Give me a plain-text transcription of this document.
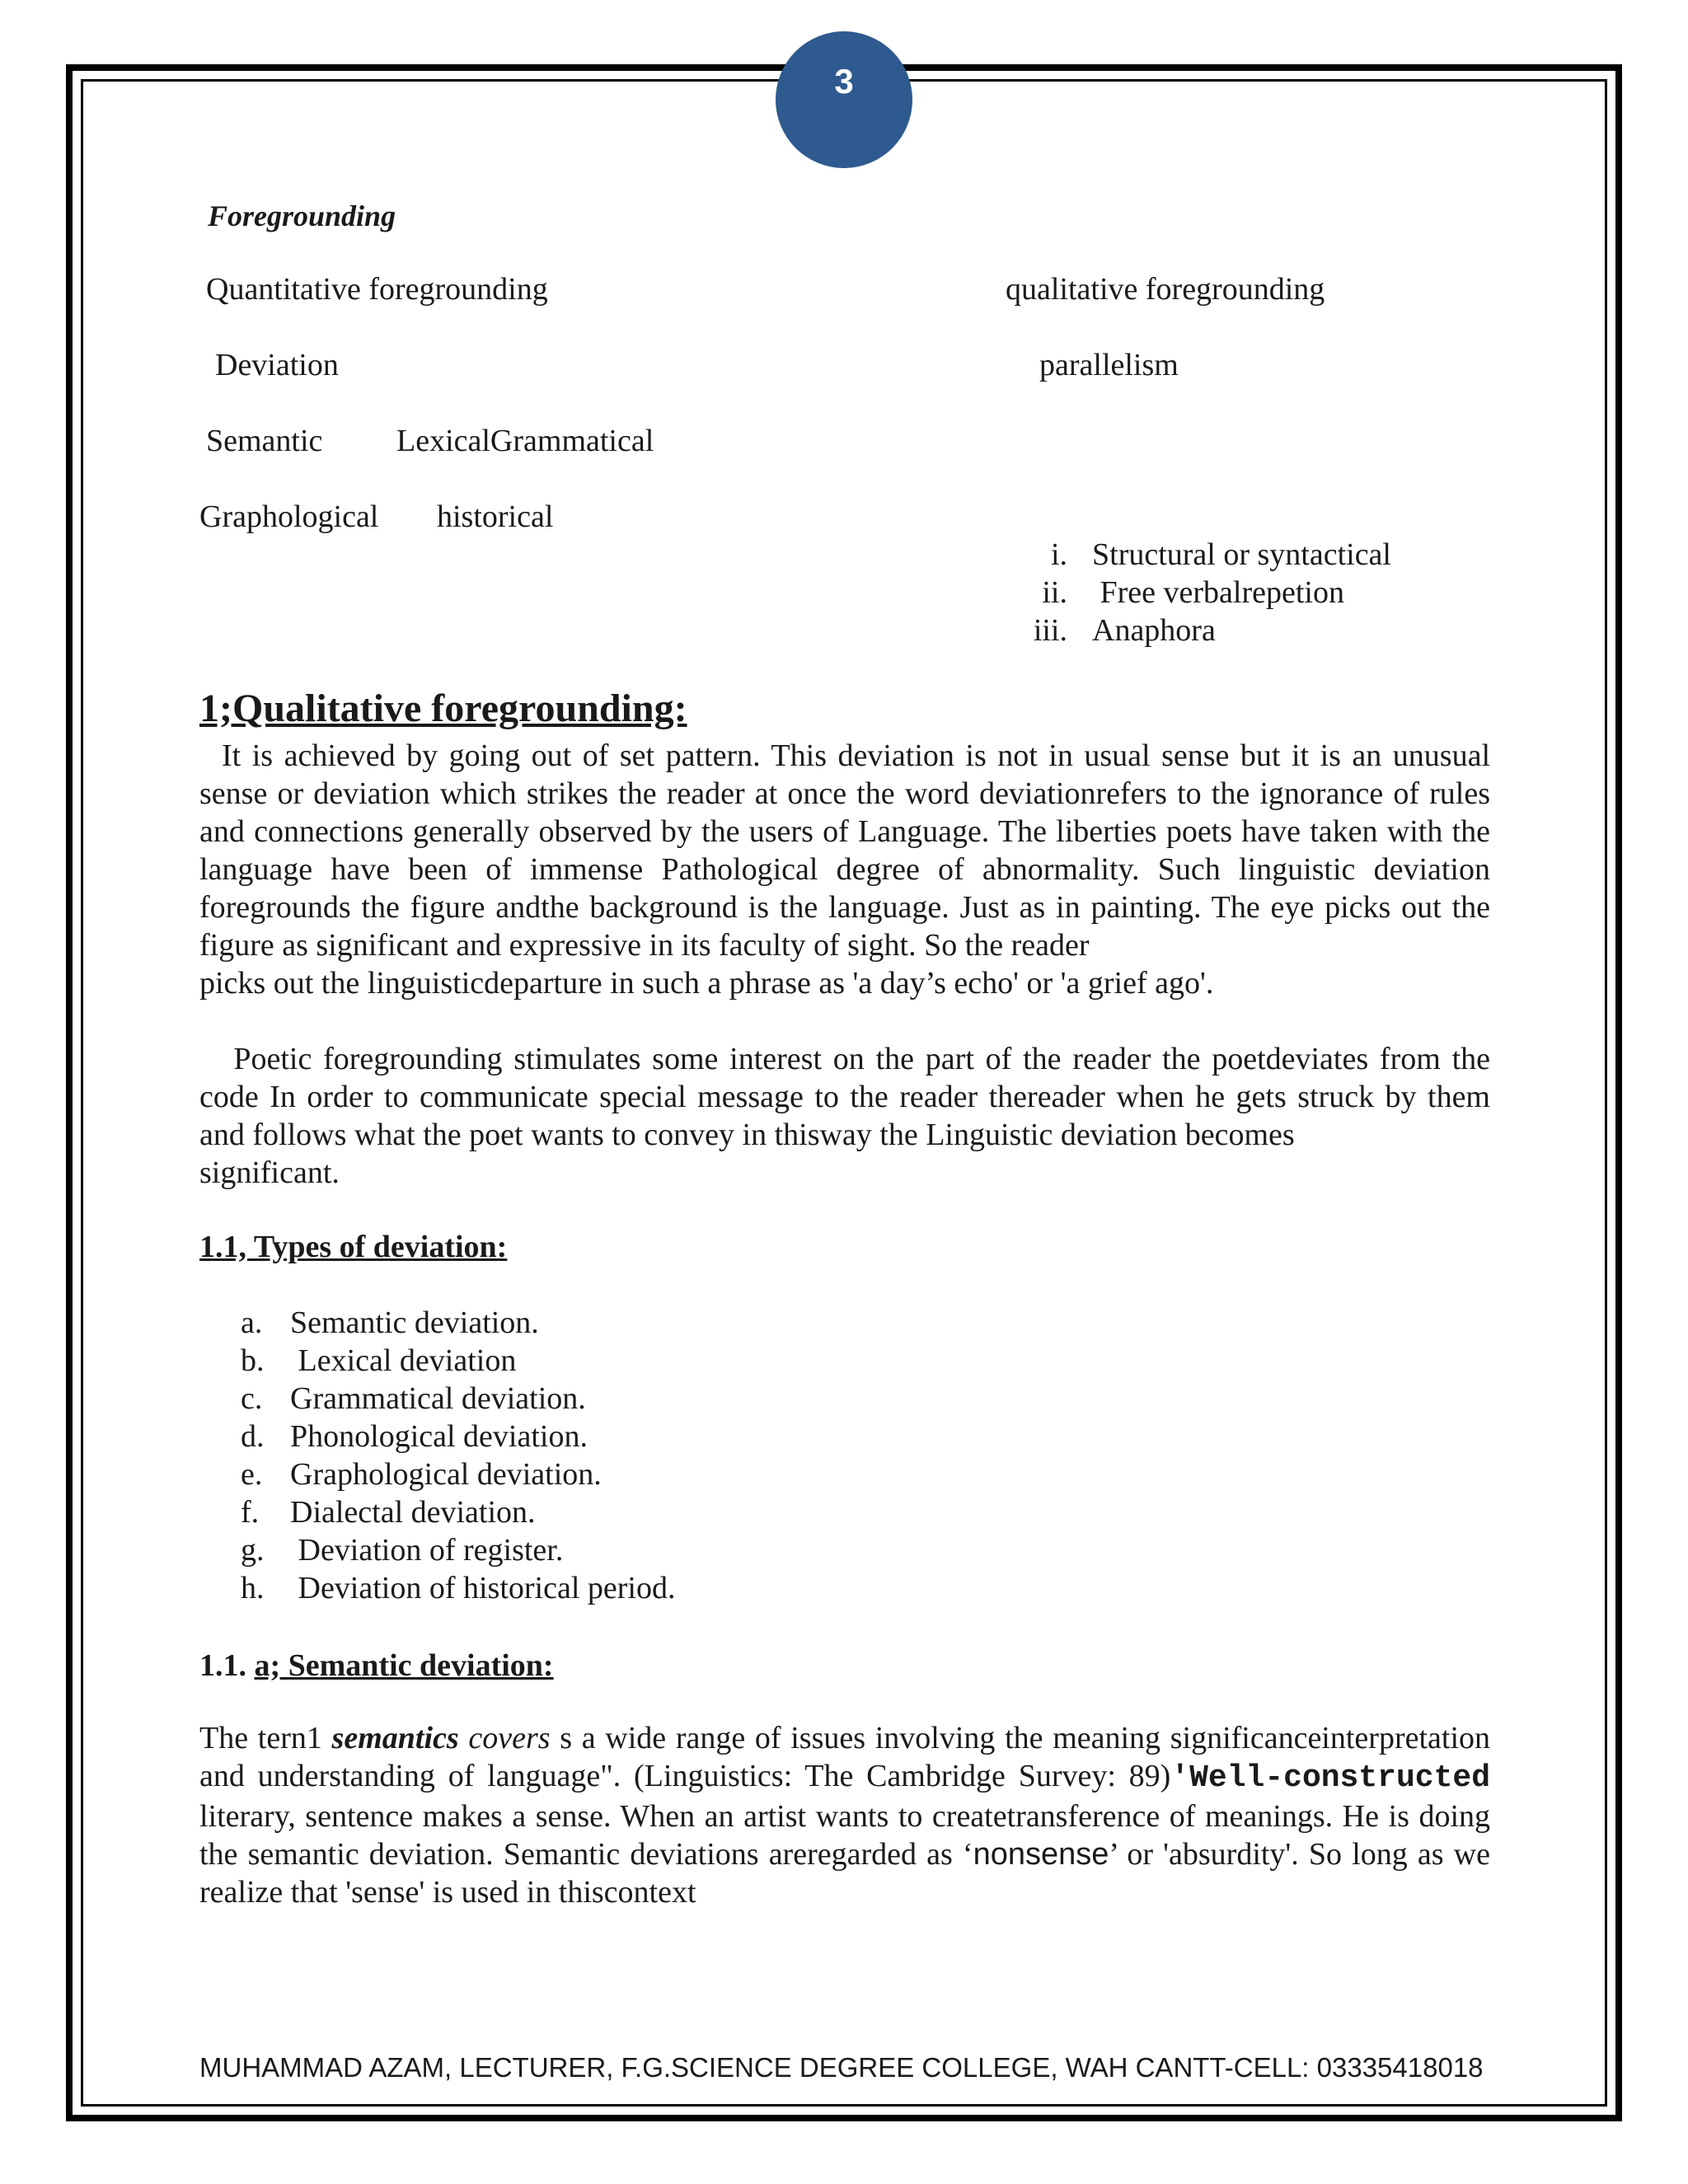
3
Foregrounding
Quantitative foregrounding	qualitative foregrounding
Deviation	parallelism
Semantic LexicalGrammatical
Graphological historical
i. Structural or syntactical
ii. Free verbalrepetion
iii. Anaphora
1;Qualitative foregrounding:
It is achieved by going out of set pattern. This deviation is not in usual sense but it is an unusual sense or deviation which strikes the reader at once the word deviationrefers to the ignorance of rules and connections generally observed by the users of Language. The liberties poets have taken with the language have been of immense Pathological degree of abnormality. Such linguistic deviation foregrounds the figure andthe background is the language. Just as in painting. The eye picks out the figure as significant and expressive in its faculty of sight. So the reader
picks out the linguisticdeparture in such a phrase as 'a day’s echo' or 'a grief ago'.
Poetic foregrounding stimulates some interest on the part of the reader the poetdeviates from the code In order to communicate special message to the reader thereader when he gets struck by them and follows what the poet wants to convey in thisway the Linguistic deviation becomes
significant.
1.1, Types of deviation:
a. Semantic deviation.
b. Lexical deviation
c. Grammatical deviation.
d. Phonological deviation.
e. Graphological deviation.
f. Dialectal deviation.
g. Deviation of register.
h. Deviation of historical period.
1.1. a; Semantic deviation:
The tern1 semantics covers s a wide range of issues involving the meaning significanceinterpretation and understanding of language". (Linguistics: The Cambridge Survey: 89)'Well-constructed literary, sentence makes a sense. When an artist wants to createtransference of meanings. He is doing the semantic deviation. Semantic deviations areregarded as ‘nonsense’ or 'absurdity'. So long as we realize that 'sense' is used in thiscontext
MUHAMMAD AZAM, LECTURER, F.G.SCIENCE DEGREE COLLEGE, WAH CANTT-CELL: 03335418018
